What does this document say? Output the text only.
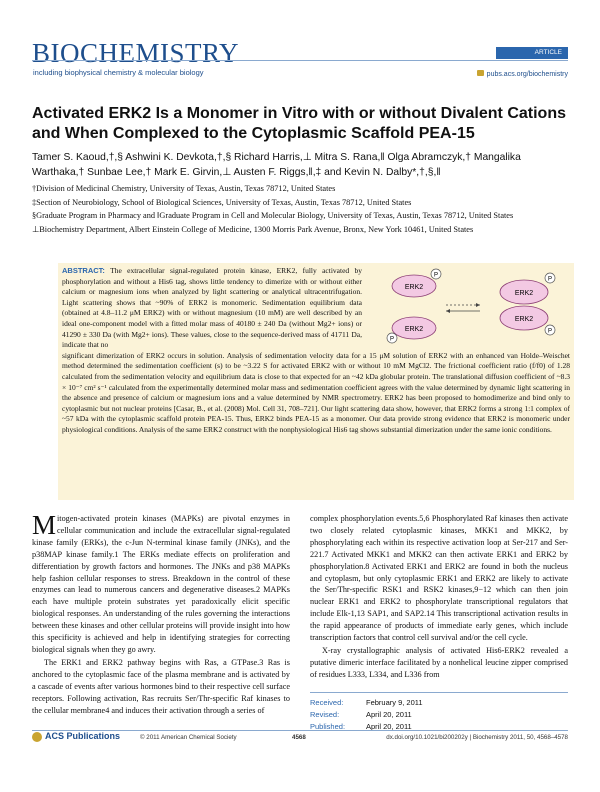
BIOCHEMISTRY
including biophysical chemistry & molecular biology
ARTICLE
pubs.acs.org/biochemistry
Activated ERK2 Is a Monomer in Vitro with or without Divalent Cations and When Complexed to the Cytoplasmic Scaffold PEA-15
Tamer S. Kaoud,†,§ Ashwini K. Devkota,†,§ Richard Harris,⊥ Mitra S. Rana,‖ Olga Abramczyk,† Mangalika Warthaka,† Sunbae Lee,† Mark E. Girvin,⊥ Austen F. Riggs,‖,‡ and Kevin N. Dalby*,†,§,‖
†Division of Medicinal Chemistry, University of Texas, Austin, Texas 78712, United States
‡Section of Neurobiology, School of Biological Sciences, University of Texas, Austin, Texas 78712, United States
§Graduate Program in Pharmacy and ‖Graduate Program in Cell and Molecular Biology, University of Texas, Austin, Texas 78712, United States
⊥Biochemistry Department, Albert Einstein College of Medicine, 1300 Morris Park Avenue, Bronx, New York 10461, United States
ABSTRACT: The extracellular signal-regulated protein kinase, ERK2, fully activated by phosphorylation and without a His6 tag, shows little tendency to dimerize with or without either calcium or magnesium ions when analyzed by light scattering or analytical ultracentrifugation. Light scattering shows that ~90% of ERK2 is monomeric. Sedimentation equilibrium data (obtained at 4.8–11.2 μM ERK2) with or without magnesium (10 mM) are well described by an ideal one-component model with a fitted molar mass of 40180 ± 240 Da (without Mg2+ ions) or 41290 ± 330 Da (with Mg2+ ions). These values, close to the sequence-derived mass of 41711 Da, indicate that no
significant dimerization of ERK2 occurs in solution. Analysis of sedimentation velocity data for a 15 μM solution of ERK2 with an enhanced van Holde–Weischet method determined the sedimentation coefficient (s) to be ~3.22 S for activated ERK2 with or without 10 mM MgCl2. The frictional coefficient ratio (f/f0) of 1.28 calculated from the sedimentation velocity and equilibrium data is close to that expected for an ~42 kDa globular protein. The translational diffusion coefficient of ~8.3 × 10⁻⁷ cm² s⁻¹ calculated from the experimentally determined molar mass and sedimentation coefficient agrees with the value determined by dynamic light scattering in the absence and presence of calcium or magnesium ions and a value determined by NMR spectrometry. ERK2 has been proposed to homodimerize and bind only to cytoplasmic but not nuclear proteins [Casar, B., et al. (2008) Mol. Cell 31, 708–721]. Our light scattering data show, however, that ERK2 forms a strong 1:1 complex of ~57 kDa with the cytoplasmic scaffold protein PEA-15. Thus, ERK2 binds PEA-15 as a monomer. Our data provide strong evidence that ERK2 is monomeric under physiological conditions. Analysis of the same ERK2 construct with the nonphysiological His6 tag shows substantial dimerization under the same ionic conditions.
ERK2
P
ERK2
P
ERK2
ERK2
P
P
Mitogen-activated protein kinases (MAPKs) are pivotal enzymes in cellular communication and include the extracellular signal-regulated kinase family (ERKs), the c-Jun N-terminal kinase family (JNKs), and the p38MAP kinase family.1 The ERKs mediate effects on proliferation and differentiation by growth factors and hormones. The JNKs and p38 MAPKs help fashion cellular responses to stress. Breakdown in the control of these enzymes can lead to numerous cancers and degenerative diseases.2 MAPKs each have multiple protein substrates yet paradoxically elicit specific biological responses. An understanding of the rules governing the interactions between these kinases and other cellular proteins will provide insight into how this specificity is achieved and help in identifying strategies for correcting biological signals when they go awry.
The ERK1 and ERK2 pathway begins with Ras, a GTPase.3 Ras is anchored to the cytoplasmic face of the plasma membrane and is activated by a cascade of events after various hormones bind to their respective cell surface receptors. Following activation, Ras recruits Ser/Thr-specific Raf kinases to the cellular membrane4 and induces their activation through a series of
complex phosphorylation events.5,6 Phosphorylated Raf kinases then activate two closely related cytoplasmic kinases, MKK1 and MKK2, by phosphorylating each within its respective activation loop at Ser-217 and Ser-221.7 Activated MKK1 and MKK2 can then activate ERK1 and ERK2 by phosphorylation.8 Activated ERK1 and ERK2 are found in both the nucleus and cytoplasm, but only cytoplasmic ERK1 and ERK2 are likely to activate the Ser/Thr-specific RSK1 and RSK2 kinases,9−12 which can then join nuclear ERK1 and ERK2 to phosphorylate transcriptional regulators that include Elk-1,13 SAP1, and SAP2.14 This transcriptional activation results in the rapid appearance of products of immediate early genes, which include transcription factors that control cell survival and/or the cell cycle.
X-ray crystallographic analysis of activated His6-ERK2 revealed a putative dimeric interface facilitated by a nonhelical leucine zipper comprised of residues L333, L334, and L336 from
Received:	February 9, 2011
Revised:	April 20, 2011
Published:	April 20, 2011
ACS Publications	© 2011 American Chemical Society	4568	dx.doi.org/10.1021/bi200202y | Biochemistry 2011, 50, 4568–4578
